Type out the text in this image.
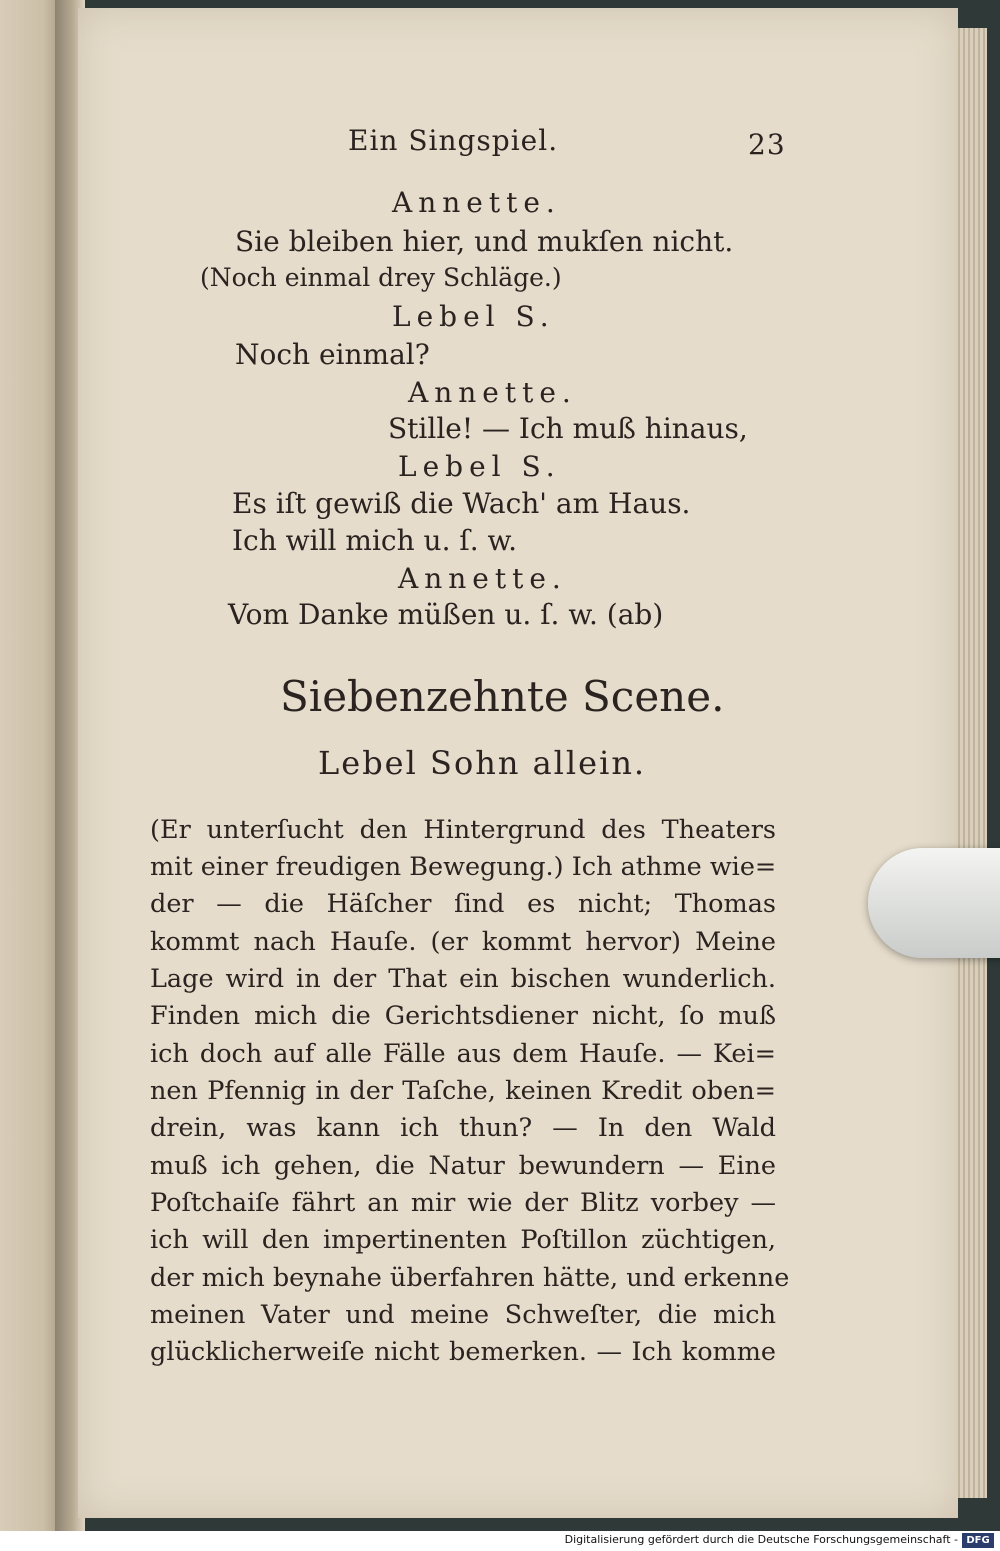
Ein Singspiel.	23
Annette.
Sie bleiben hier, und mukſen nicht.
(Noch einmal drey Schläge.)
Lebel S.
Noch einmal?
Annette.
Stille! — Ich muß hinaus,
Lebel S.
Es iſt gewiß die Wach' am Haus.
Ich will mich u. ſ. w.
Annette.
Vom Danke müßen u. ſ. w. (ab)
Siebenzehnte Scene.
Lebel Sohn allein.
(Er unterſucht den Hintergrund des Theaters
mit einer freudigen Bewegung.) Ich athme wie=
der — die Häſcher ſind es nicht; Thomas
kommt nach Hauſe. (er kommt hervor) Meine
Lage wird in der That ein bischen wunderlich.
Finden mich die Gerichtsdiener nicht, ſo muß
ich doch auf alle Fälle aus dem Hauſe. — Kei=
nen Pfennig in der Taſche, keinen Kredit oben=
drein, was kann ich thun? — In den Wald
muß ich gehen, die Natur bewundern — Eine
Poſtchaiſe fährt an mir wie der Blitz vorbey —
ich will den impertinenten Poſtillon züchtigen,
der mich beynahe überfahren hätte, und erkenne
meinen Vater und meine Schweſter, die mich
glücklicherweiſe nicht bemerken. — Ich komme
Digitalisierung gefördert durch die Deutsche Forschungsgemeinschaft - DFG
